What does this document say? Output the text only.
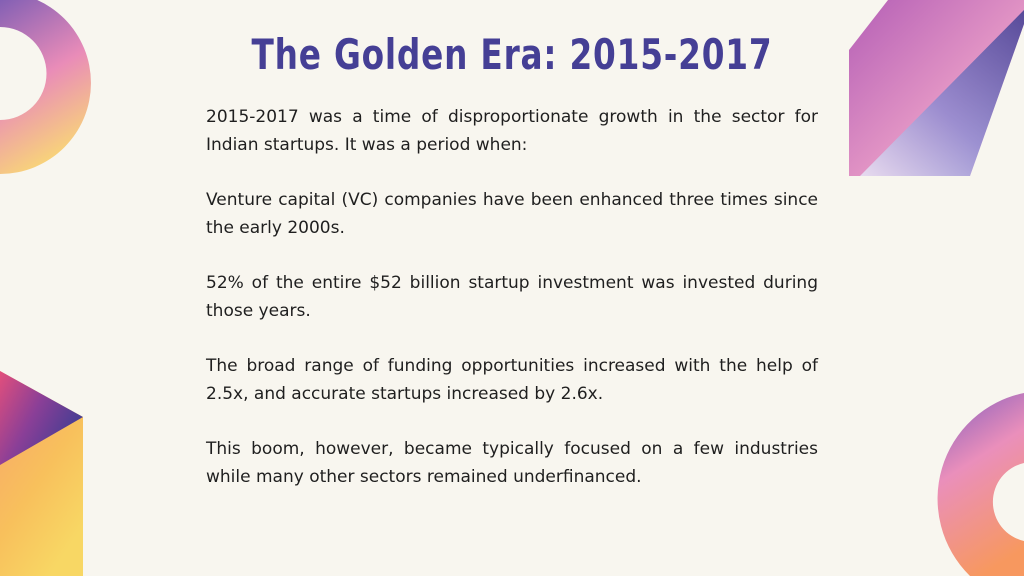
The Golden Era: 2015-2017

2015-2017 was a time of disproportionate growth in the sector for Indian startups. It was a period when:

Venture capital (VC) companies have been enhanced three times since the early 2000s.

52% of the entire $52 billion startup investment was invested during those years.

The broad range of funding opportunities increased with the help of 2.5x, and accurate startups increased by 2.6x.

This boom, however, became typically focused on a few industries while many other sectors remained underfinanced.
